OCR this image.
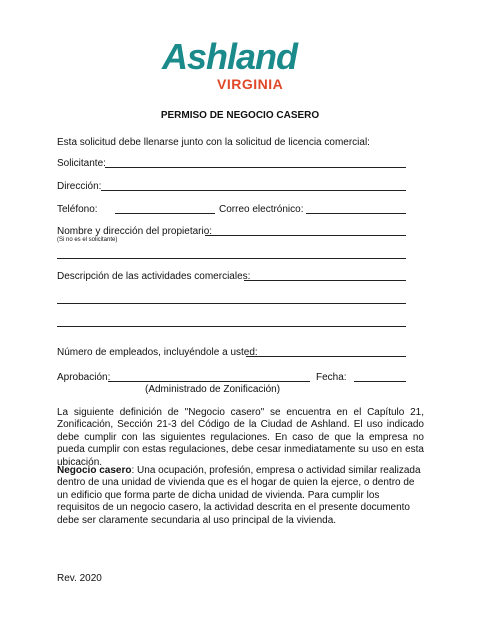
Ashland
VIRGINIA
PERMISO DE NEGOCIO CASERO
Esta solicitud debe llenarse junto con la solicitud de licencia comercial:
Solicitante:
Dirección:
Teléfono:	Correo electrónico:
Nombre y dirección del propietario:
(Si no es el solicitante)
Descripción de las actividades comerciales:
Número de empleados, incluyéndole a usted:
Aprobación:	Fecha:
(Administrado de Zonificación)
La siguiente definición de "Negocio casero" se encuentra en el Capítulo 21, Zonificación, Sección 21-3 del Código de la Ciudad de Ashland. El uso indicado debe cumplir con las siguientes regulaciones. En caso de que la empresa no pueda cumplir con estas regulaciones, debe cesar inmediatamente su uso en esta ubicación.
Negocio casero: Una ocupación, profesión, empresa o actividad similar realizada dentro de una unidad de vivienda que es el hogar de quien la ejerce, o dentro de un edificio que forma parte de dicha unidad de vivienda. Para cumplir los requisitos de un negocio casero, la actividad descrita en el presente documento debe ser claramente secundaria al uso principal de la vivienda.
Rev. 2020
